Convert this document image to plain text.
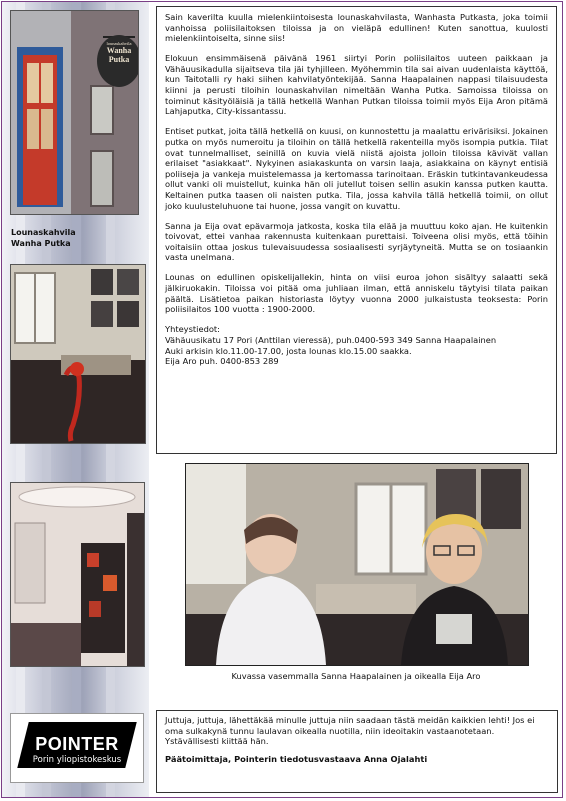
lounaskahvila
Wanha
Putka
Lounaskahvila
Wanha Putka
POINTER
Porin yliopistokeskus

Sain kaverilta kuulla mielenkiintoisesta lounaskahvilasta, Wanhasta Putkasta, joka toimii vanhoissa poliisilaitoksen tiloissa ja on vieläpä edullinen! Kuten sanottua, kuulosti mielenkiintoiselta, sinne siis!

Elokuun ensimmäisenä päivänä 1961 siirtyi Porin poliisilaitos uuteen paikkaan ja Vähäuusikadulla sijaitseva tila jäi tyhjilleen. Myöhemmin tila sai aivan uudenlaista käyttöä, kun Taitotalli ry haki siihen kahvilatyöntekijää. Sanna Haapalainen nappasi tilaisuudesta kiinni ja perusti tiloihin lounaskahvilan nimeltään Wanha Putka. Samoissa tiloissa on toiminut käsityöläisiä ja tällä hetkellä Wanhan Putkan tiloissa toimii myös Eija Aron pitämä Lahjaputka, City-kissantassu.

Entiset putkat, joita tällä hetkellä on kuusi, on kunnostettu ja maalattu erivärisiksi. Jokainen putka on myös numeroitu ja tiloihin on tällä hetkellä rakenteilla myös isompia putkia. Tilat ovat tunnelmalliset, seinillä on kuvia vielä niistä ajoista jolloin tiloissa kävivät vallan erilaiset "asiakkaat". Nykyinen asiakaskunta on varsin laaja, asiakkaina on käynyt entisiä poliiseja ja vankeja muistelemassa ja kertomassa tarinoitaan. Eräskin tutkintavankeudessa ollut vanki oli muistellut, kuinka hän oli jutellut toisen sellin asukin kanssa putken kautta. Keltainen putka taasen oli naisten putka. Tila, jossa kahvila tällä hetkellä toimii, on ollut joko kuulusteluhuone tai huone, jossa vangit on kuvattu.

Sanna ja Eija ovat epävarmoja jatkosta, koska tila elää ja muuttuu koko ajan. He kuitenkin toivovat, ettei vanhaa rakennusta kuitenkaan purettaisi. Toiveena olisi myös, että töihin voitaisiin ottaa joskus tulevaisuudessa sosiaalisesti syrjäytyneitä. Mutta se on tosiaankin vasta unelmana.

Lounas on edullinen opiskelijallekin, hinta on viisi euroa johon sisältyy salaatti sekä jälkiruokakin. Tiloissa voi pitää oma juhliaan ilman, että anniskelu täytyisi tilata paikan päältä. Lisätietoa paikan historiasta löytyy vuonna 2000 julkaistusta teoksesta: Porin poliisilaitos 100 vuotta : 1900-2000.

Yhteystiedot:
Vähäuusikatu 17 Pori (Anttilan vieressä), puh.0400-593 349 Sanna Haapalainen
Auki arkisin klo.11.00-17.00, josta lounas klo.15.00 saakka.
Eija Aro puh. 0400-853 289
Kuvassa vasemmalla Sanna Haapalainen ja oikealla Eija Aro
Juttuja, juttuja, lähettäkää minulle juttuja niin saadaan tästä meidän kaikkien lehti! Jos ei oma sulkakynä tunnu laulavan oikealla nuotilla, niin ideoitakin vastaanotetaan. Ystävällisesti kiittää hän.
Päätoimittaja, Pointerin tiedotusvastaava Anna Ojalahti
